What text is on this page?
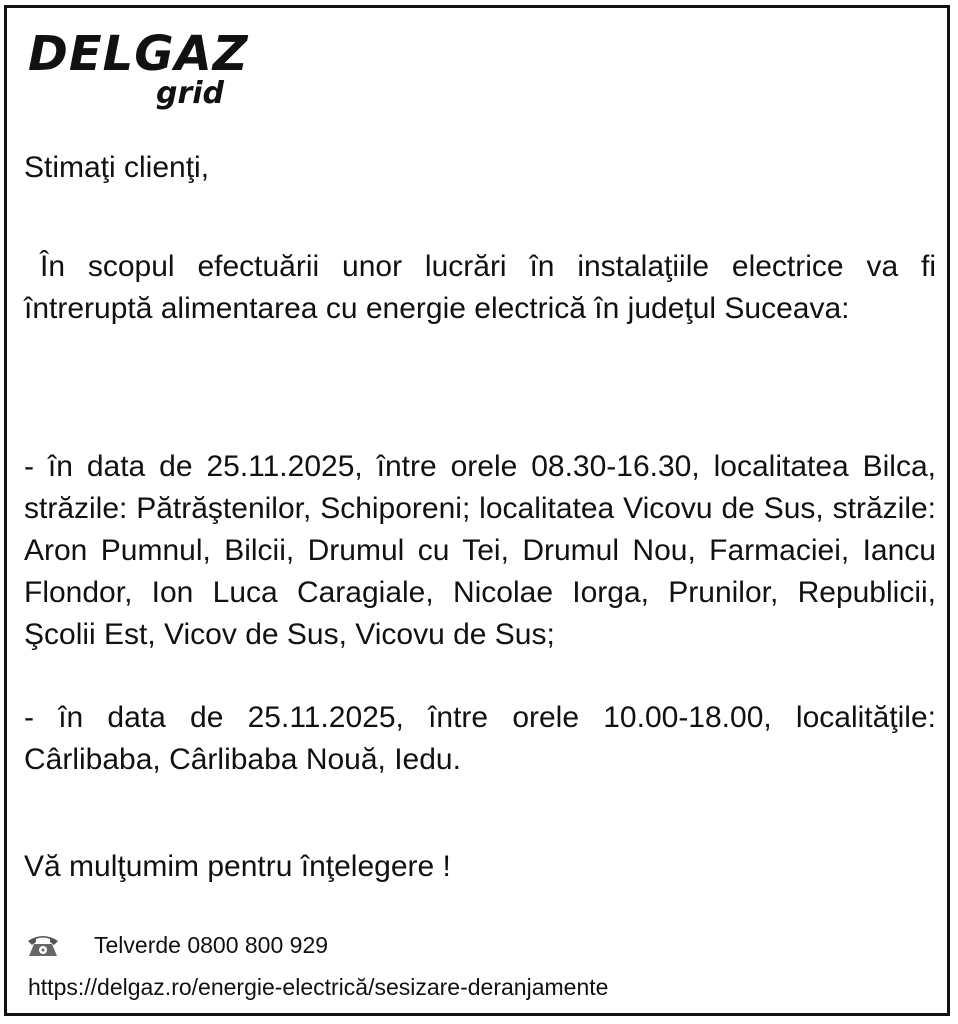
DELGAZ
grid

Stimaţi clienţi,

În scopul efectuării unor lucrări în instalaţiile electrice va fi întreruptă alimentarea cu energie electrică în judeţul Suceava:

- în data de 25.11.2025, între orele 08.30-16.30, localitatea Bilca, străzile: Pătrăştenilor, Schiporeni; localitatea Vicovu de Sus, străzile: Aron Pumnul, Bilcii, Drumul cu Tei, Drumul Nou, Farmaciei, Iancu Flondor, Ion Luca Caragiale, Nicolae Iorga, Prunilor, Republicii, Şcolii Est, Vicov de Sus, Vicovu de Sus;

- în data de 25.11.2025, între orele 10.00-18.00, localităţile: Cârlibaba, Cârlibaba Nouă, Iedu.

Vă mulţumim pentru înţelegere !

Telverde 0800 800 929
https://delgaz.ro/energie-electrică/sesizare-deranjamente
